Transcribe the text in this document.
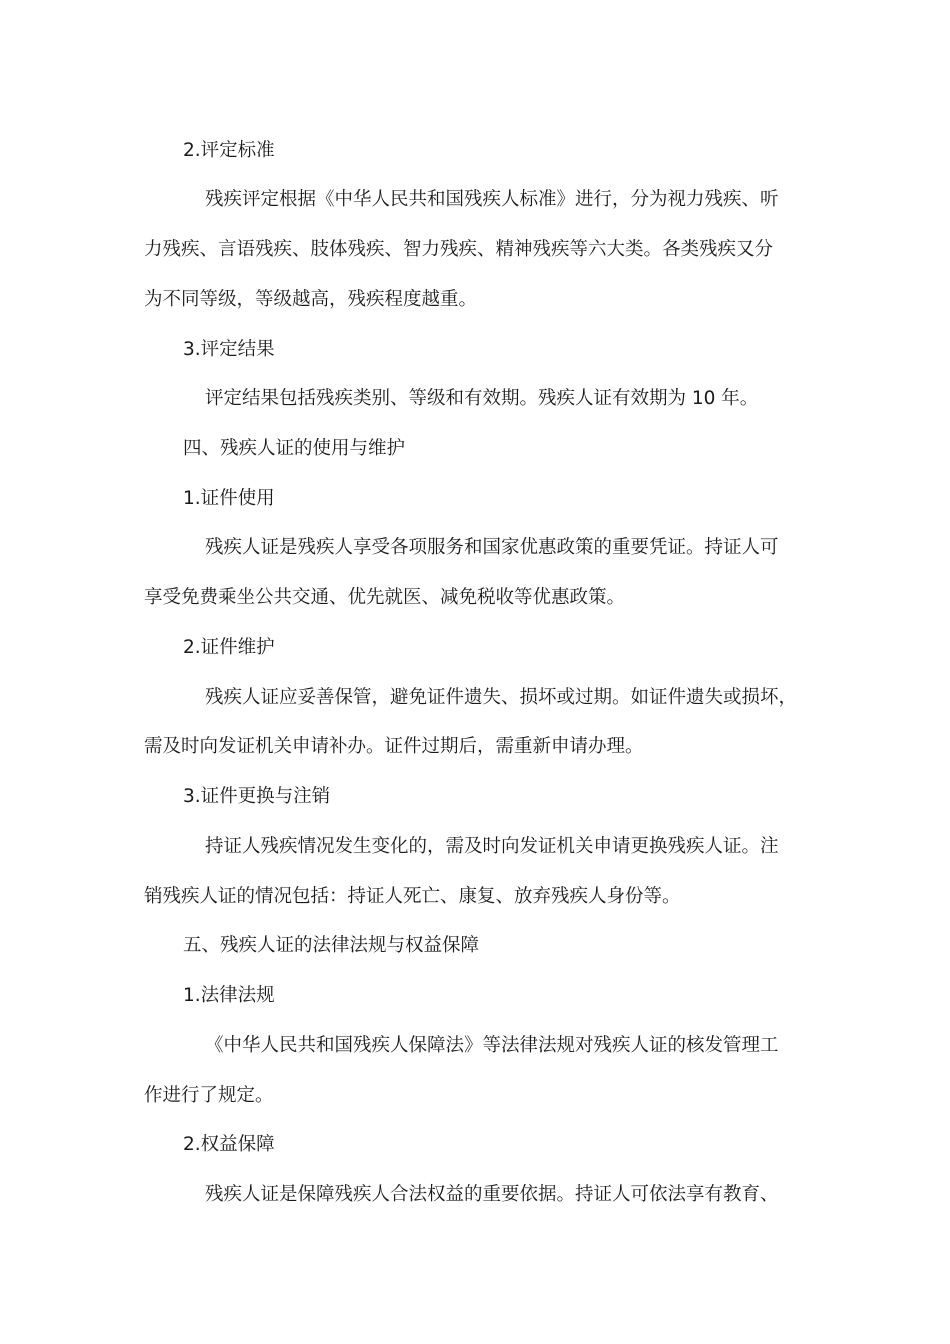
2.评定标准
残疾评定根据《中华人民共和国残疾人标准》进行，分为视力残疾、听
力残疾、言语残疾、肢体残疾、智力残疾、精神残疾等六大类。各类残疾又分
为不同等级，等级越高，残疾程度越重。
3.评定结果
评定结果包括残疾类别、等级和有效期。残疾人证有效期为 10 年。
四、残疾人证的使用与维护
1.证件使用
残疾人证是残疾人享受各项服务和国家优惠政策的重要凭证。持证人可
享受免费乘坐公共交通、优先就医、减免税收等优惠政策。
2.证件维护
残疾人证应妥善保管，避免证件遗失、损坏或过期。如证件遗失或损坏，
需及时向发证机关申请补办。证件过期后，需重新申请办理。
3.证件更换与注销
持证人残疾情况发生变化的，需及时向发证机关申请更换残疾人证。注
销残疾人证的情况包括：持证人死亡、康复、放弃残疾人身份等。
五、残疾人证的法律法规与权益保障
1.法律法规
《中华人民共和国残疾人保障法》等法律法规对残疾人证的核发管理工
作进行了规定。
2.权益保障
残疾人证是保障残疾人合法权益的重要依据。持证人可依法享有教育、
